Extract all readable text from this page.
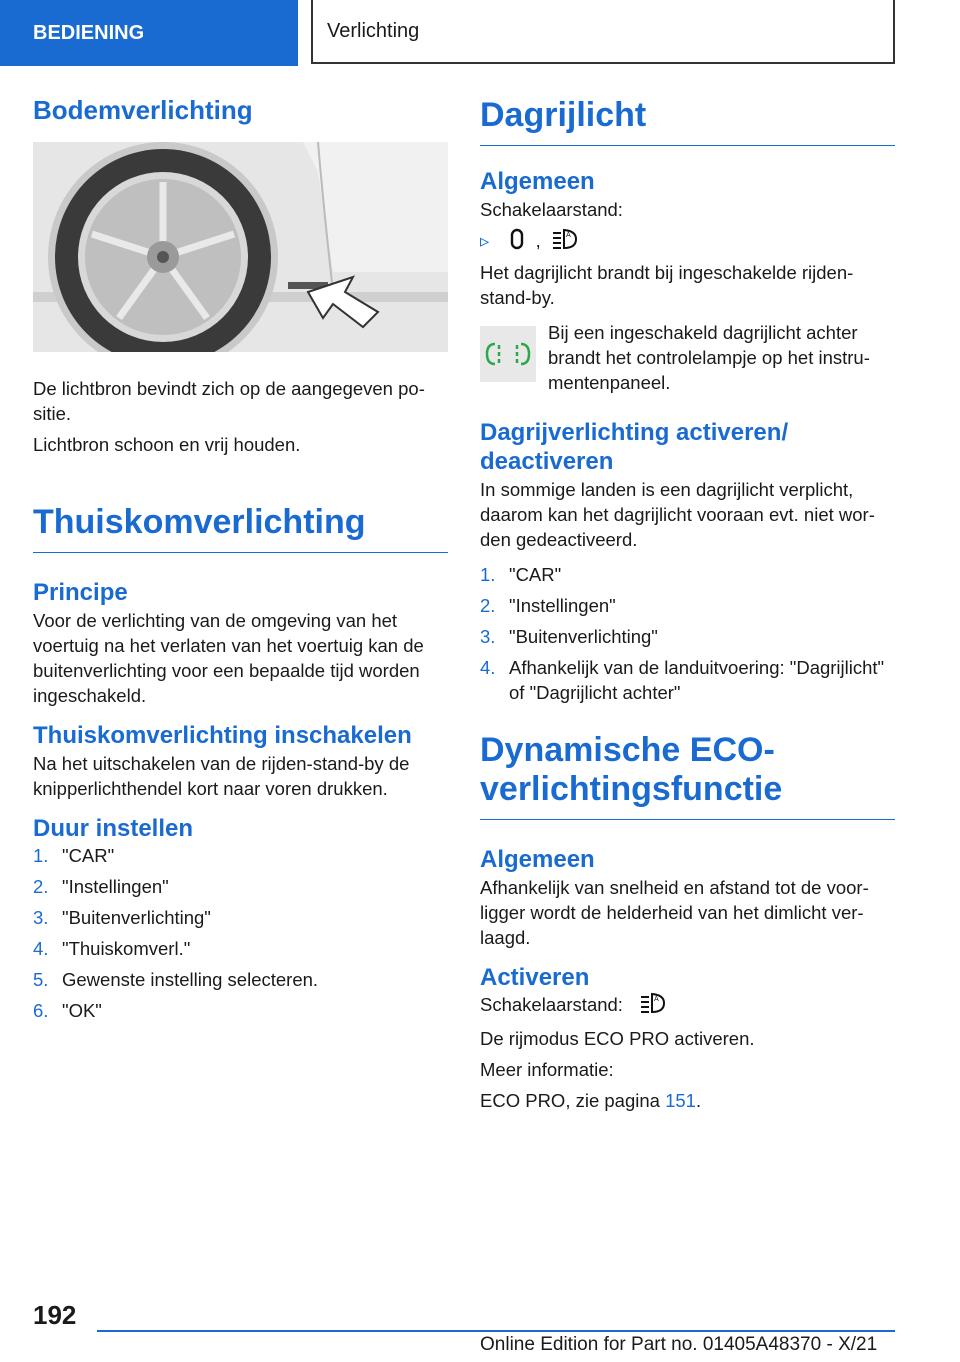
BEDIENING	Verlichting
Bodemverlichting

De lichtbron bevindt zich op de aangegeven po- sitie.

Lichtbron schoon en vrij houden.

Thuiskomverlichting
Principe

Voor de verlichting van de omgeving van het voertuig na het verlaten van het voertuig kan de buitenverlichting voor een bepaalde tijd worden ingeschakeld.

Thuiskomverlichting inschakelen

Na het uitschakelen van de rijden-stand-by de knipperlichthendel kort naar voren drukken.

Duur instellen
1. "CAR"
2. "Instellingen"
3. "Buitenverlichting"
4. "Thuiskomverl."
5. Gewenste instelling selecteren.
6. "OK"
Dagrijlicht
Algemeen

Schakelaarstand:

▹	,	A

Het dagrijlicht brandt bij ingeschakelde rijden- stand-by.

Bij een ingeschakeld dagrijlicht achter brandt het controlelampje op het instru- mentenpaneel.

Dagrijverlichting activeren/ deactiveren

In sommige landen is een dagrijlicht verplicht, daarom kan het dagrijlicht vooraan evt. niet wor- den gedeactiveerd.

1. "CAR"
2. "Instellingen"
3. "Buitenverlichting"
4. Afhankelijk van de landuitvoering: "Dagrijlicht" of "Dagrijlicht achter"
Dynamische ECO- verlichtingsfunctie
Algemeen

Afhankelijk van snelheid en afstand tot de voor- ligger wordt de helderheid van het dimlicht ver- laagd.

Activeren

Schakelaarstand:	A

De rijmodus ECO PRO activeren.

Meer informatie:

ECO PRO, zie pagina 151.

192
Online Edition for Part no. 01405A48370 - X/21
